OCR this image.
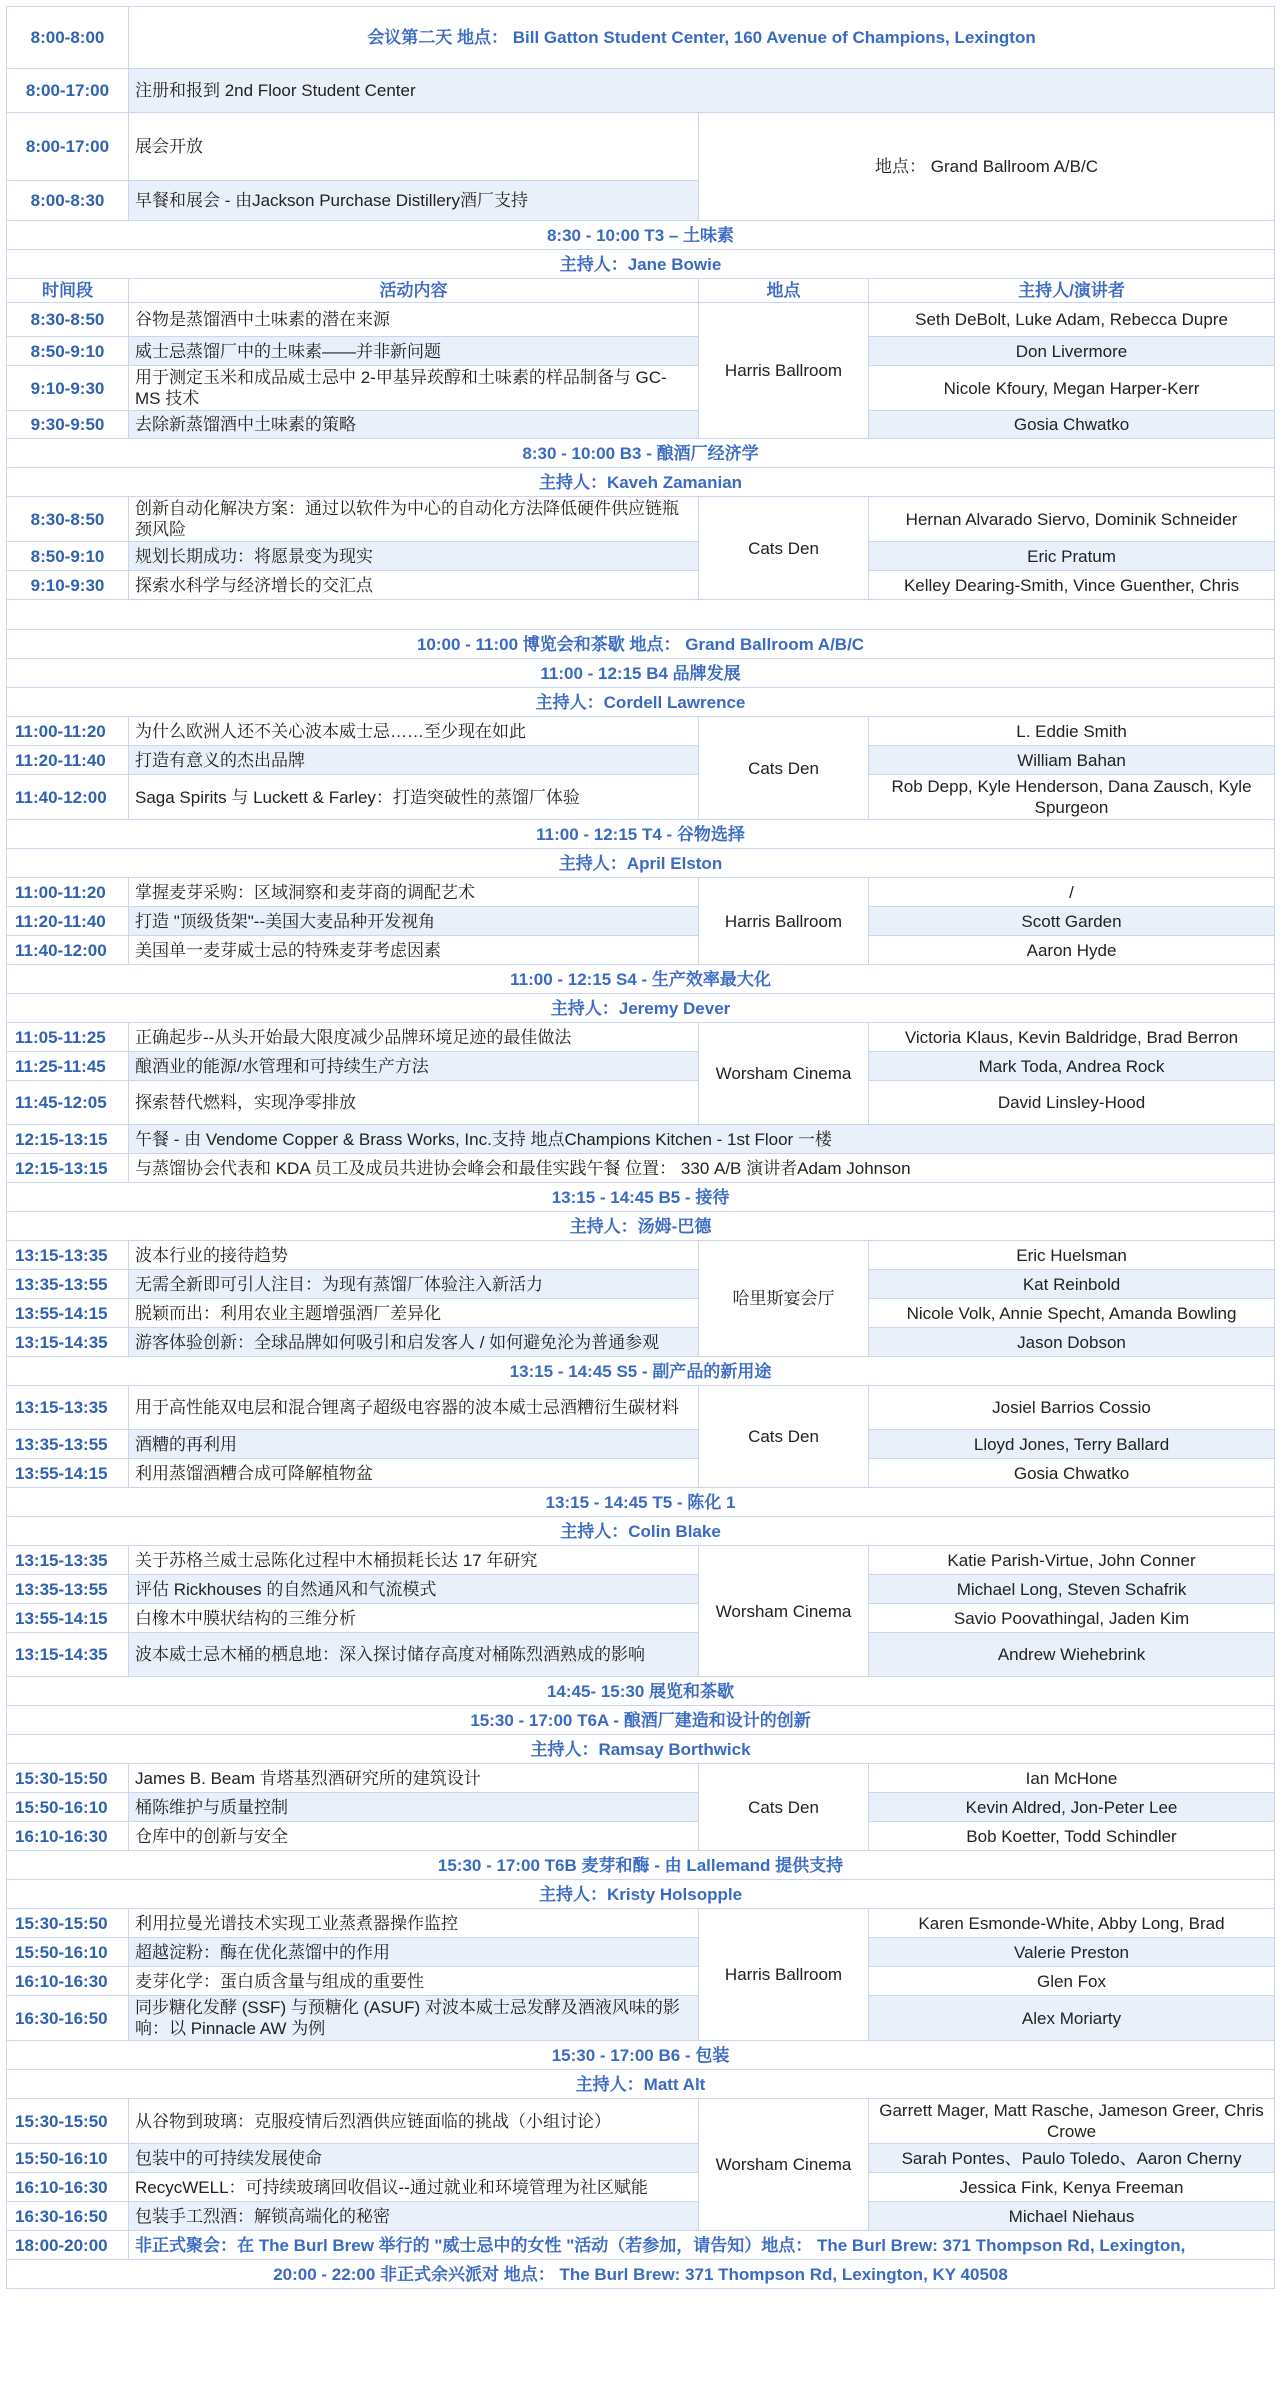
8:00-8:00	会议第二天 地点： Bill Gatton Student Center, 160 Avenue of Champions, Lexington		
8:00-17:00	注册和报到 2nd Floor Student Center		
8:00-17:00	展会开放	地点： Grand Ballroom A/B/C	
8:00-8:30	早餐和展会 - 由Jackson Purchase Distillery酒厂支持		
8:30 - 10:00 T3 – 土味素			
主持人：Jane Bowie			
时间段	活动内容	地点	主持人/演讲者
8:30-8:50	谷物是蒸馏酒中土味素的潜在来源	Harris Ballroom	Seth DeBolt, Luke Adam, Rebecca Dupre
8:50-9:10	威士忌蒸馏厂中的土味素——并非新问题		Don Livermore
9:10-9:30	用于测定玉米和成品威士忌中 2-甲基异莰醇和土味素的样品制备与 GC-MS 技术		Nicole Kfoury, Megan Harper-Kerr
9:30-9:50	去除新蒸馏酒中土味素的策略		Gosia Chwatko
8:30 - 10:00 B3 - 酿酒厂经济学			
主持人：Kaveh Zamanian			
8:30-8:50	创新自动化解决方案：通过以软件为中心的自动化方法降低硬件供应链瓶颈风险	Cats Den	Hernan Alvarado Siervo, Dominik Schneider
8:50-9:10	规划长期成功：将愿景变为现实		Eric Pratum
9:10-9:30	探索水科学与经济增长的交汇点		Kelley Dearing-Smith, Vince Guenther, Chris

10:00 - 11:00 博览会和茶歇 地点： Grand Ballroom A/B/C			
11:00 - 12:15 B4 品牌发展			
主持人：Cordell Lawrence			
11:00-11:20	为什么欧洲人还不关心波本威士忌……至少现在如此	Cats Den	L. Eddie Smith
11:20-11:40	打造有意义的杰出品牌		William Bahan
11:40-12:00	Saga Spirits 与 Luckett & Farley：打造突破性的蒸馏厂体验		Rob Depp, Kyle Henderson, Dana Zausch, Kyle Spurgeon
11:00 - 12:15 T4 - 谷物选择			
主持人：April Elston			
11:00-11:20	掌握麦芽采购：区域洞察和麦芽商的调配艺术	Harris Ballroom	/
11:20-11:40	打造 "顶级货架"--美国大麦品种开发视角		Scott Garden
11:40-12:00	美国单一麦芽威士忌的特殊麦芽考虑因素		Aaron Hyde
11:00 - 12:15 S4 - 生产效率最大化			
主持人：Jeremy Dever			
11:05-11:25	正确起步--从头开始最大限度减少品牌环境足迹的最佳做法	Worsham Cinema	Victoria Klaus, Kevin Baldridge, Brad Berron
11:25-11:45	酿酒业的能源/水管理和可持续生产方法		Mark Toda, Andrea Rock
11:45-12:05	探索替代燃料，实现净零排放		David Linsley-Hood
12:15-13:15	午餐 - 由 Vendome Copper & Brass Works, Inc.支持 地点Champions Kitchen - 1st Floor 一楼		
12:15-13:15	与蒸馏协会代表和 KDA 员工及成员共进协会峰会和最佳实践午餐 位置： 330 A/B 演讲者Adam Johnson		
13:15 - 14:45 B5 - 接待			
主持人：汤姆-巴德			
13:15-13:35	波本行业的接待趋势	哈里斯宴会厅	Eric Huelsman
13:35-13:55	无需全新即可引人注目：为现有蒸馏厂体验注入新活力		Kat Reinbold
13:55-14:15	脱颖而出：利用农业主题增强酒厂差异化		Nicole Volk, Annie Specht, Amanda Bowling
13:15-14:35	游客体验创新：全球品牌如何吸引和启发客人 / 如何避免沦为普通参观		Jason Dobson
13:15 - 14:45 S5 - 副产品的新用途			
13:15-13:35	用于高性能双电层和混合锂离子超级电容器的波本威士忌酒糟衍生碳材料	Cats Den	Josiel Barrios Cossio
13:35-13:55	酒糟的再利用		Lloyd Jones, Terry Ballard
13:55-14:15	利用蒸馏酒糟合成可降解植物盆		Gosia Chwatko
13:15 - 14:45 T5 - 陈化 1			
主持人：Colin Blake			
13:15-13:35	关于苏格兰威士忌陈化过程中木桶损耗长达 17 年研究	Worsham Cinema	Katie Parish-Virtue, John Conner
13:35-13:55	评估 Rickhouses 的自然通风和气流模式		Michael Long, Steven Schafrik
13:55-14:15	白橡木中膜状结构的三维分析		Savio Poovathingal, Jaden Kim
13:15-14:35	波本威士忌木桶的栖息地：深入探讨储存高度对桶陈烈酒熟成的影响		Andrew Wiehebrink
14:45- 15:30 展览和茶歇			
15:30 - 17:00 T6A - 酿酒厂建造和设计的创新			
主持人：Ramsay Borthwick			
15:30-15:50	James B. Beam 肯塔基烈酒研究所的建筑设计	Cats Den	Ian McHone
15:50-16:10	桶陈维护与质量控制		Kevin Aldred, Jon-Peter Lee
16:10-16:30	仓库中的创新与安全		Bob Koetter, Todd Schindler
15:30 - 17:00 T6B 麦芽和酶 - 由 Lallemand 提供支持			
主持人：Kristy Holsopple			
15:30-15:50	利用拉曼光谱技术实现工业蒸煮器操作监控	Harris Ballroom	Karen Esmonde-White, Abby Long, Brad
15:50-16:10	超越淀粉：酶在优化蒸馏中的作用		Valerie Preston
16:10-16:30	麦芽化学：蛋白质含量与组成的重要性		Glen Fox
16:30-16:50	同步糖化发酵 (SSF) 与预糖化 (ASUF) 对波本威士忌发酵及酒液风味的影响：以 Pinnacle AW 为例		Alex Moriarty
15:30 - 17:00 B6 - 包装			
主持人：Matt Alt			
15:30-15:50	从谷物到玻璃：克服疫情后烈酒供应链面临的挑战（小组讨论）	Worsham Cinema	Garrett Mager, Matt Rasche, Jameson Greer, Chris Crowe
15:50-16:10	包装中的可持续发展使命		Sarah Pontes、Paulo Toledo、Aaron Cherny
16:10-16:30	RecycWELL：可持续玻璃回收倡议--通过就业和环境管理为社区赋能		Jessica Fink, Kenya Freeman
16:30-16:50	包装手工烈酒：解锁高端化的秘密		Michael Niehaus
18:00-20:00	非正式聚会：在 The Burl Brew 举行的 "威士忌中的女性 "活动（若参加，请告知）地点： The Burl Brew: 371 Thompson Rd, Lexington,		
20:00 - 22:00 非正式余兴派对 地点： The Burl Brew: 371 Thompson Rd, Lexington, KY 40508			
